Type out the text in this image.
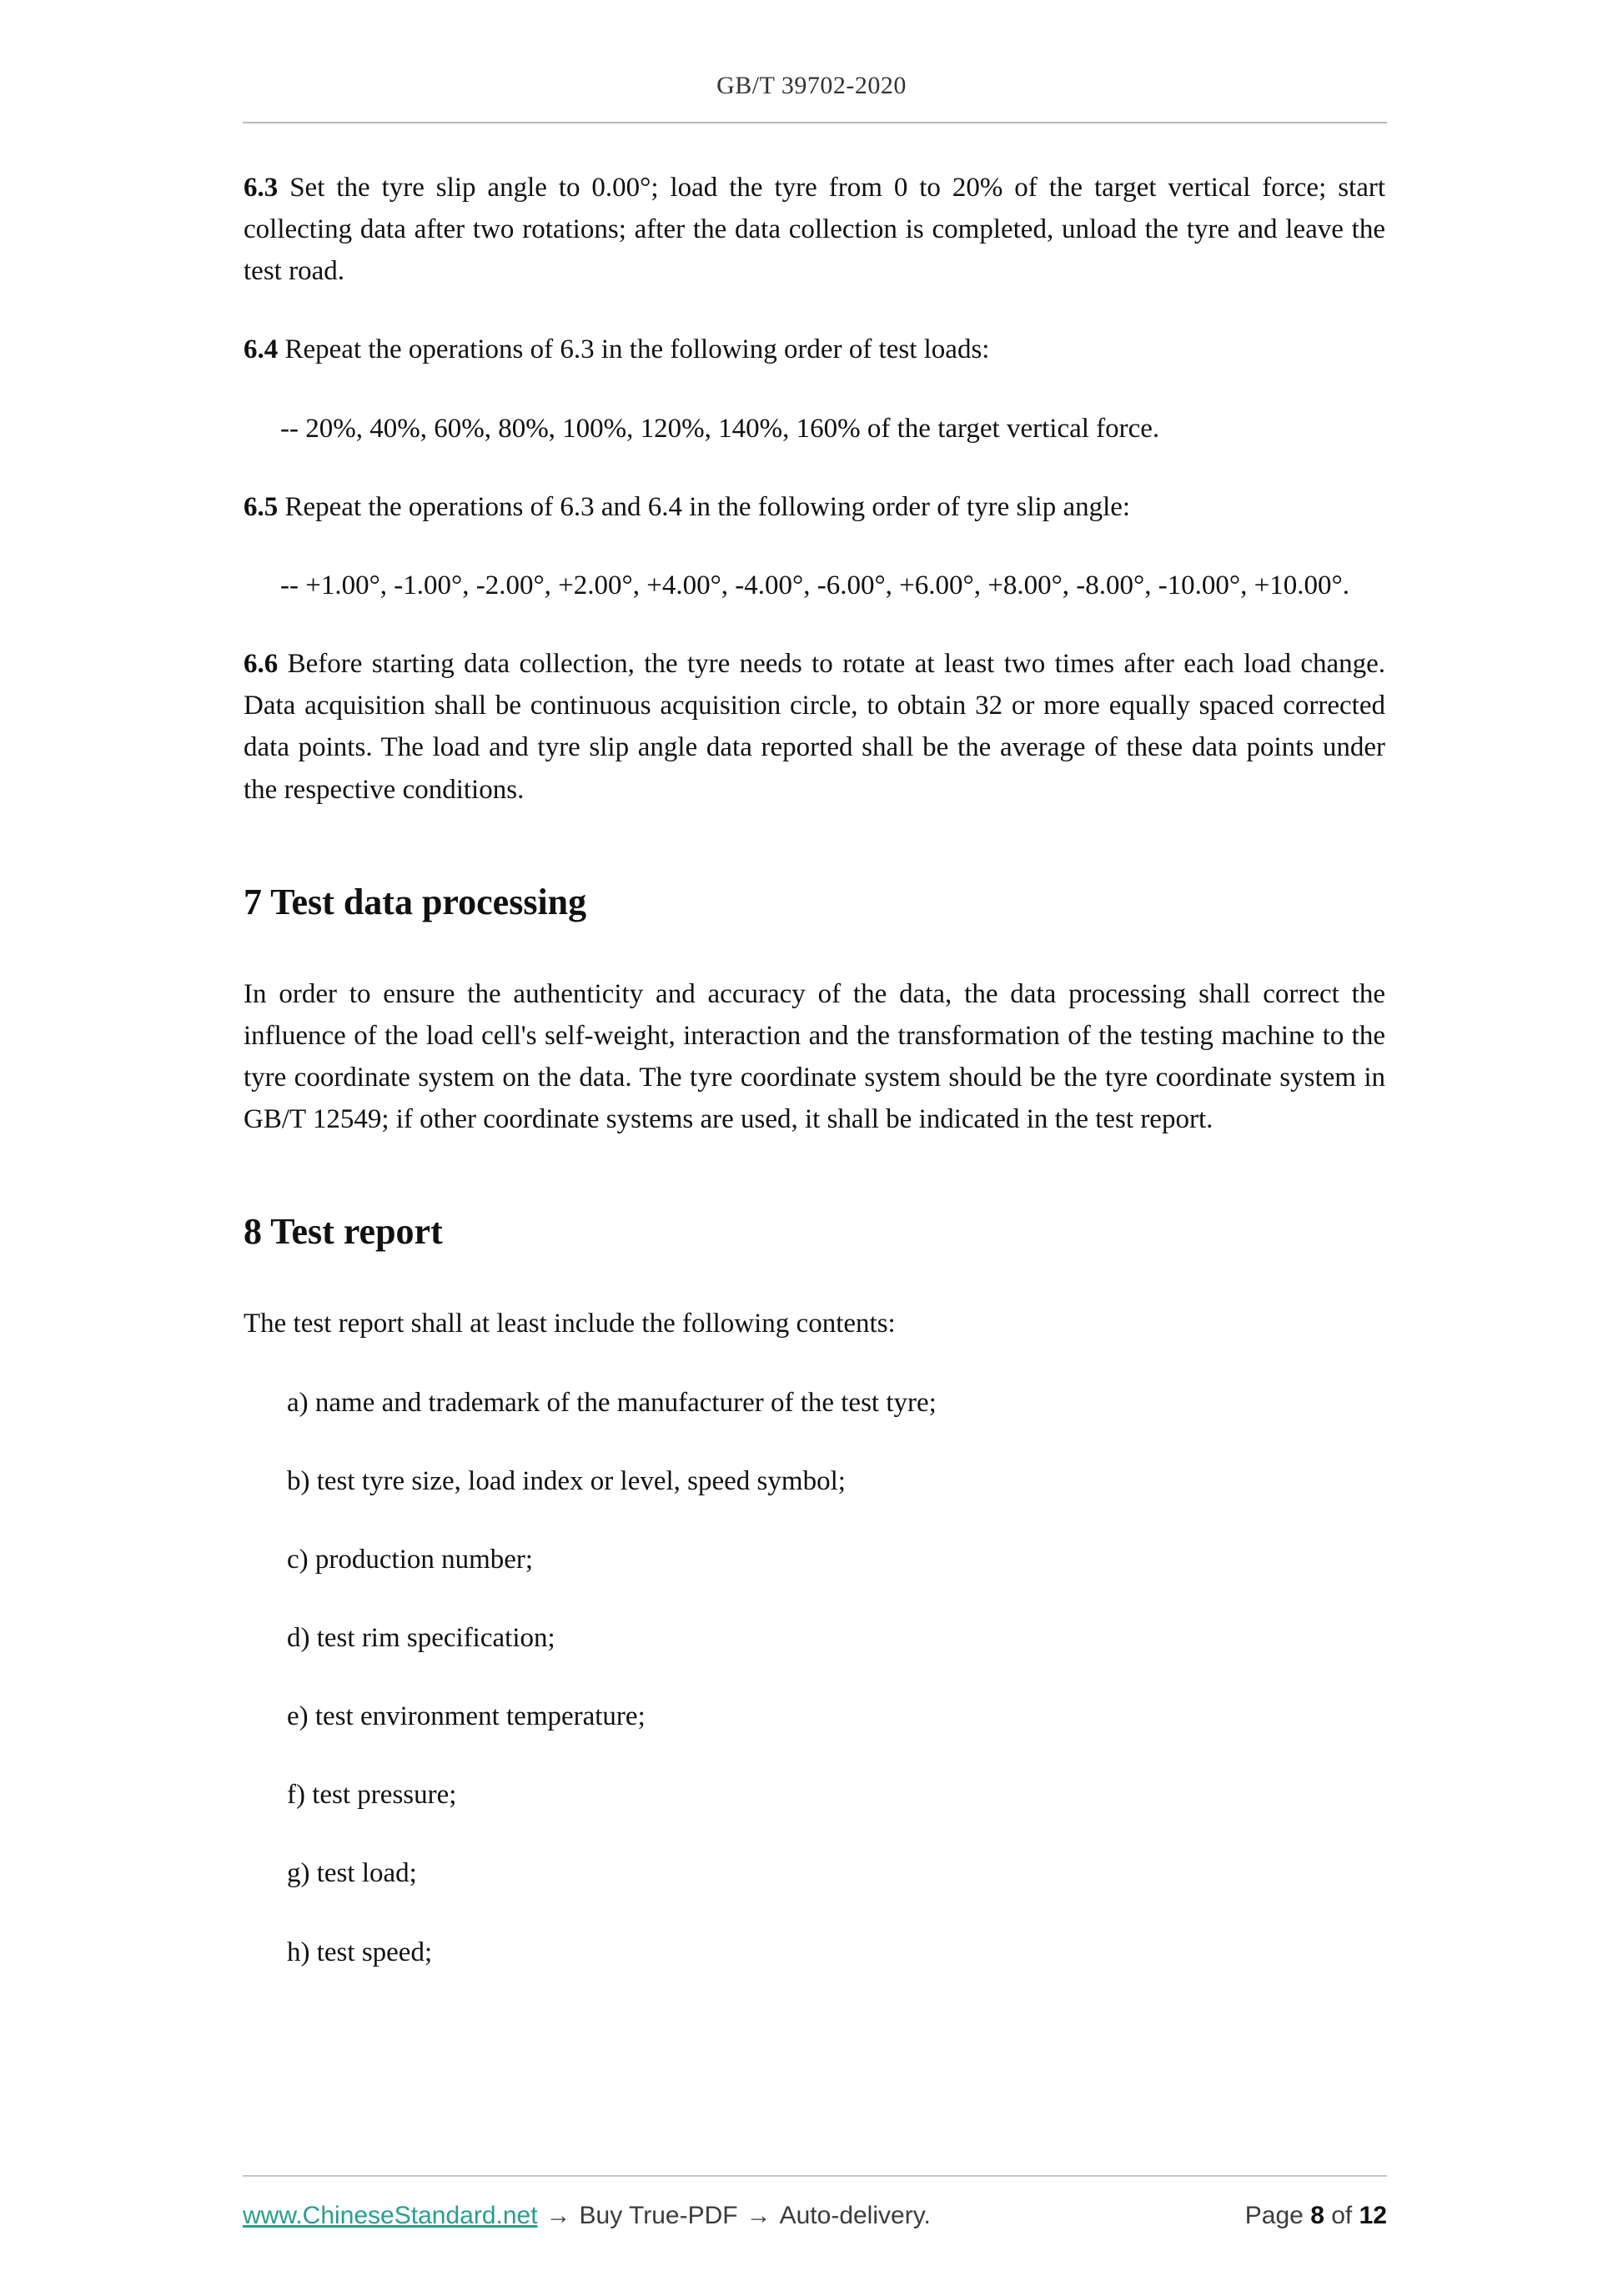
GB/T 39702-2020

6.3 Set the tyre slip angle to 0.00°; load the tyre from 0 to 20% of the target vertical force; start collecting data after two rotations; after the data collection is completed, unload the tyre and leave the test road.

6.4 Repeat the operations of 6.3 in the following order of test loads:

-- 20%, 40%, 60%, 80%, 100%, 120%, 140%, 160% of the target vertical force.

6.5 Repeat the operations of 6.3 and 6.4 in the following order of tyre slip angle:

-- +1.00°, -1.00°, -2.00°, +2.00°, +4.00°, -4.00°, -6.00°, +6.00°, +8.00°, -8.00°, -10.00°, +10.00°.

6.6 Before starting data collection, the tyre needs to rotate at least two times after each load change. Data acquisition shall be continuous acquisition circle, to obtain 32 or more equally spaced corrected data points. The load and tyre slip angle data reported shall be the average of these data points under the respective conditions.

7 Test data processing

In order to ensure the authenticity and accuracy of the data, the data processing shall correct the influence of the load cell's self-weight, interaction and the transformation of the testing machine to the tyre coordinate system on the data. The tyre coordinate system should be the tyre coordinate system in GB/T 12549; if other coordinate systems are used, it shall be indicated in the test report.

8 Test report

The test report shall at least include the following contents:

a) name and trademark of the manufacturer of the test tyre;

b) test tyre size, load index or level, speed symbol;

c) production number;

d) test rim specification;

e) test environment temperature;

f) test pressure;

g) test load;

h) test speed;

www.ChineseStandard.net → Buy True-PDF → Auto-delivery.	Page 8 of 12
